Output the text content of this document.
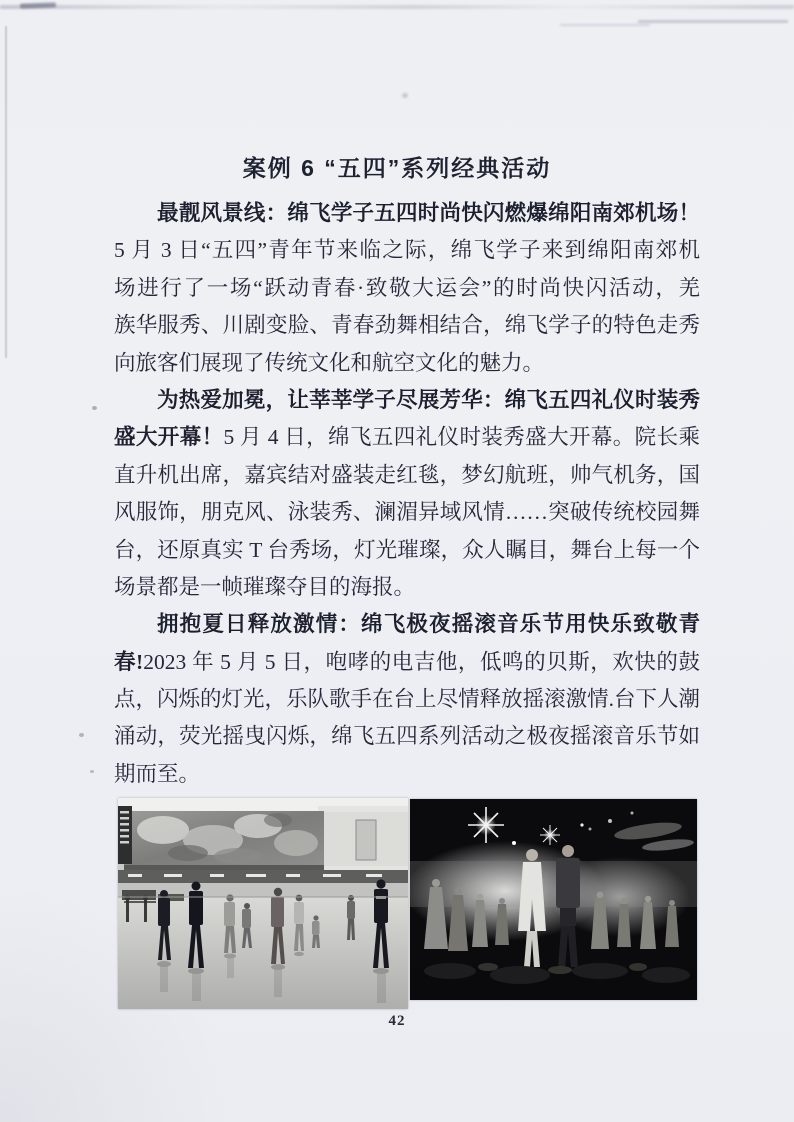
案例 6 “五四”系列经典活动
最靓风景线：绵飞学子五四时尚快闪燃爆绵阳南郊机场！
5 月 3 日“五四”青年节来临之际，绵飞学子来到绵阳南郊机
场进行了一场“跃动青春·致敬大运会”的时尚快闪活动，羌
族华服秀、川剧变脸、青春劲舞相结合，绵飞学子的特色走秀
向旅客们展现了传统文化和航空文化的魅力。
为热爱加冕，让莘莘学子尽展芳华：绵飞五四礼仪时装秀
盛大开幕！5 月 4 日，绵飞五四礼仪时装秀盛大开幕。院长乘
直升机出席，嘉宾结对盛装走红毯，梦幻航班，帅气机务，国
风服饰，朋克风、泳装秀、澜湄异域风情……突破传统校园舞
台，还原真实 T 台秀场，灯光璀璨，众人瞩目，舞台上每一个
场景都是一帧璀璨夺目的海报。
拥抱夏日释放激情：绵飞极夜摇滚音乐节用快乐致敬青
春!2023 年 5 月 5 日，咆哮的电吉他，低鸣的贝斯，欢快的鼓
点，闪烁的灯光，乐队歌手在台上尽情释放摇滚激情.台下人潮
涌动，荧光摇曳闪烁，绵飞五四系列活动之极夜摇滚音乐节如
期而至。
42
